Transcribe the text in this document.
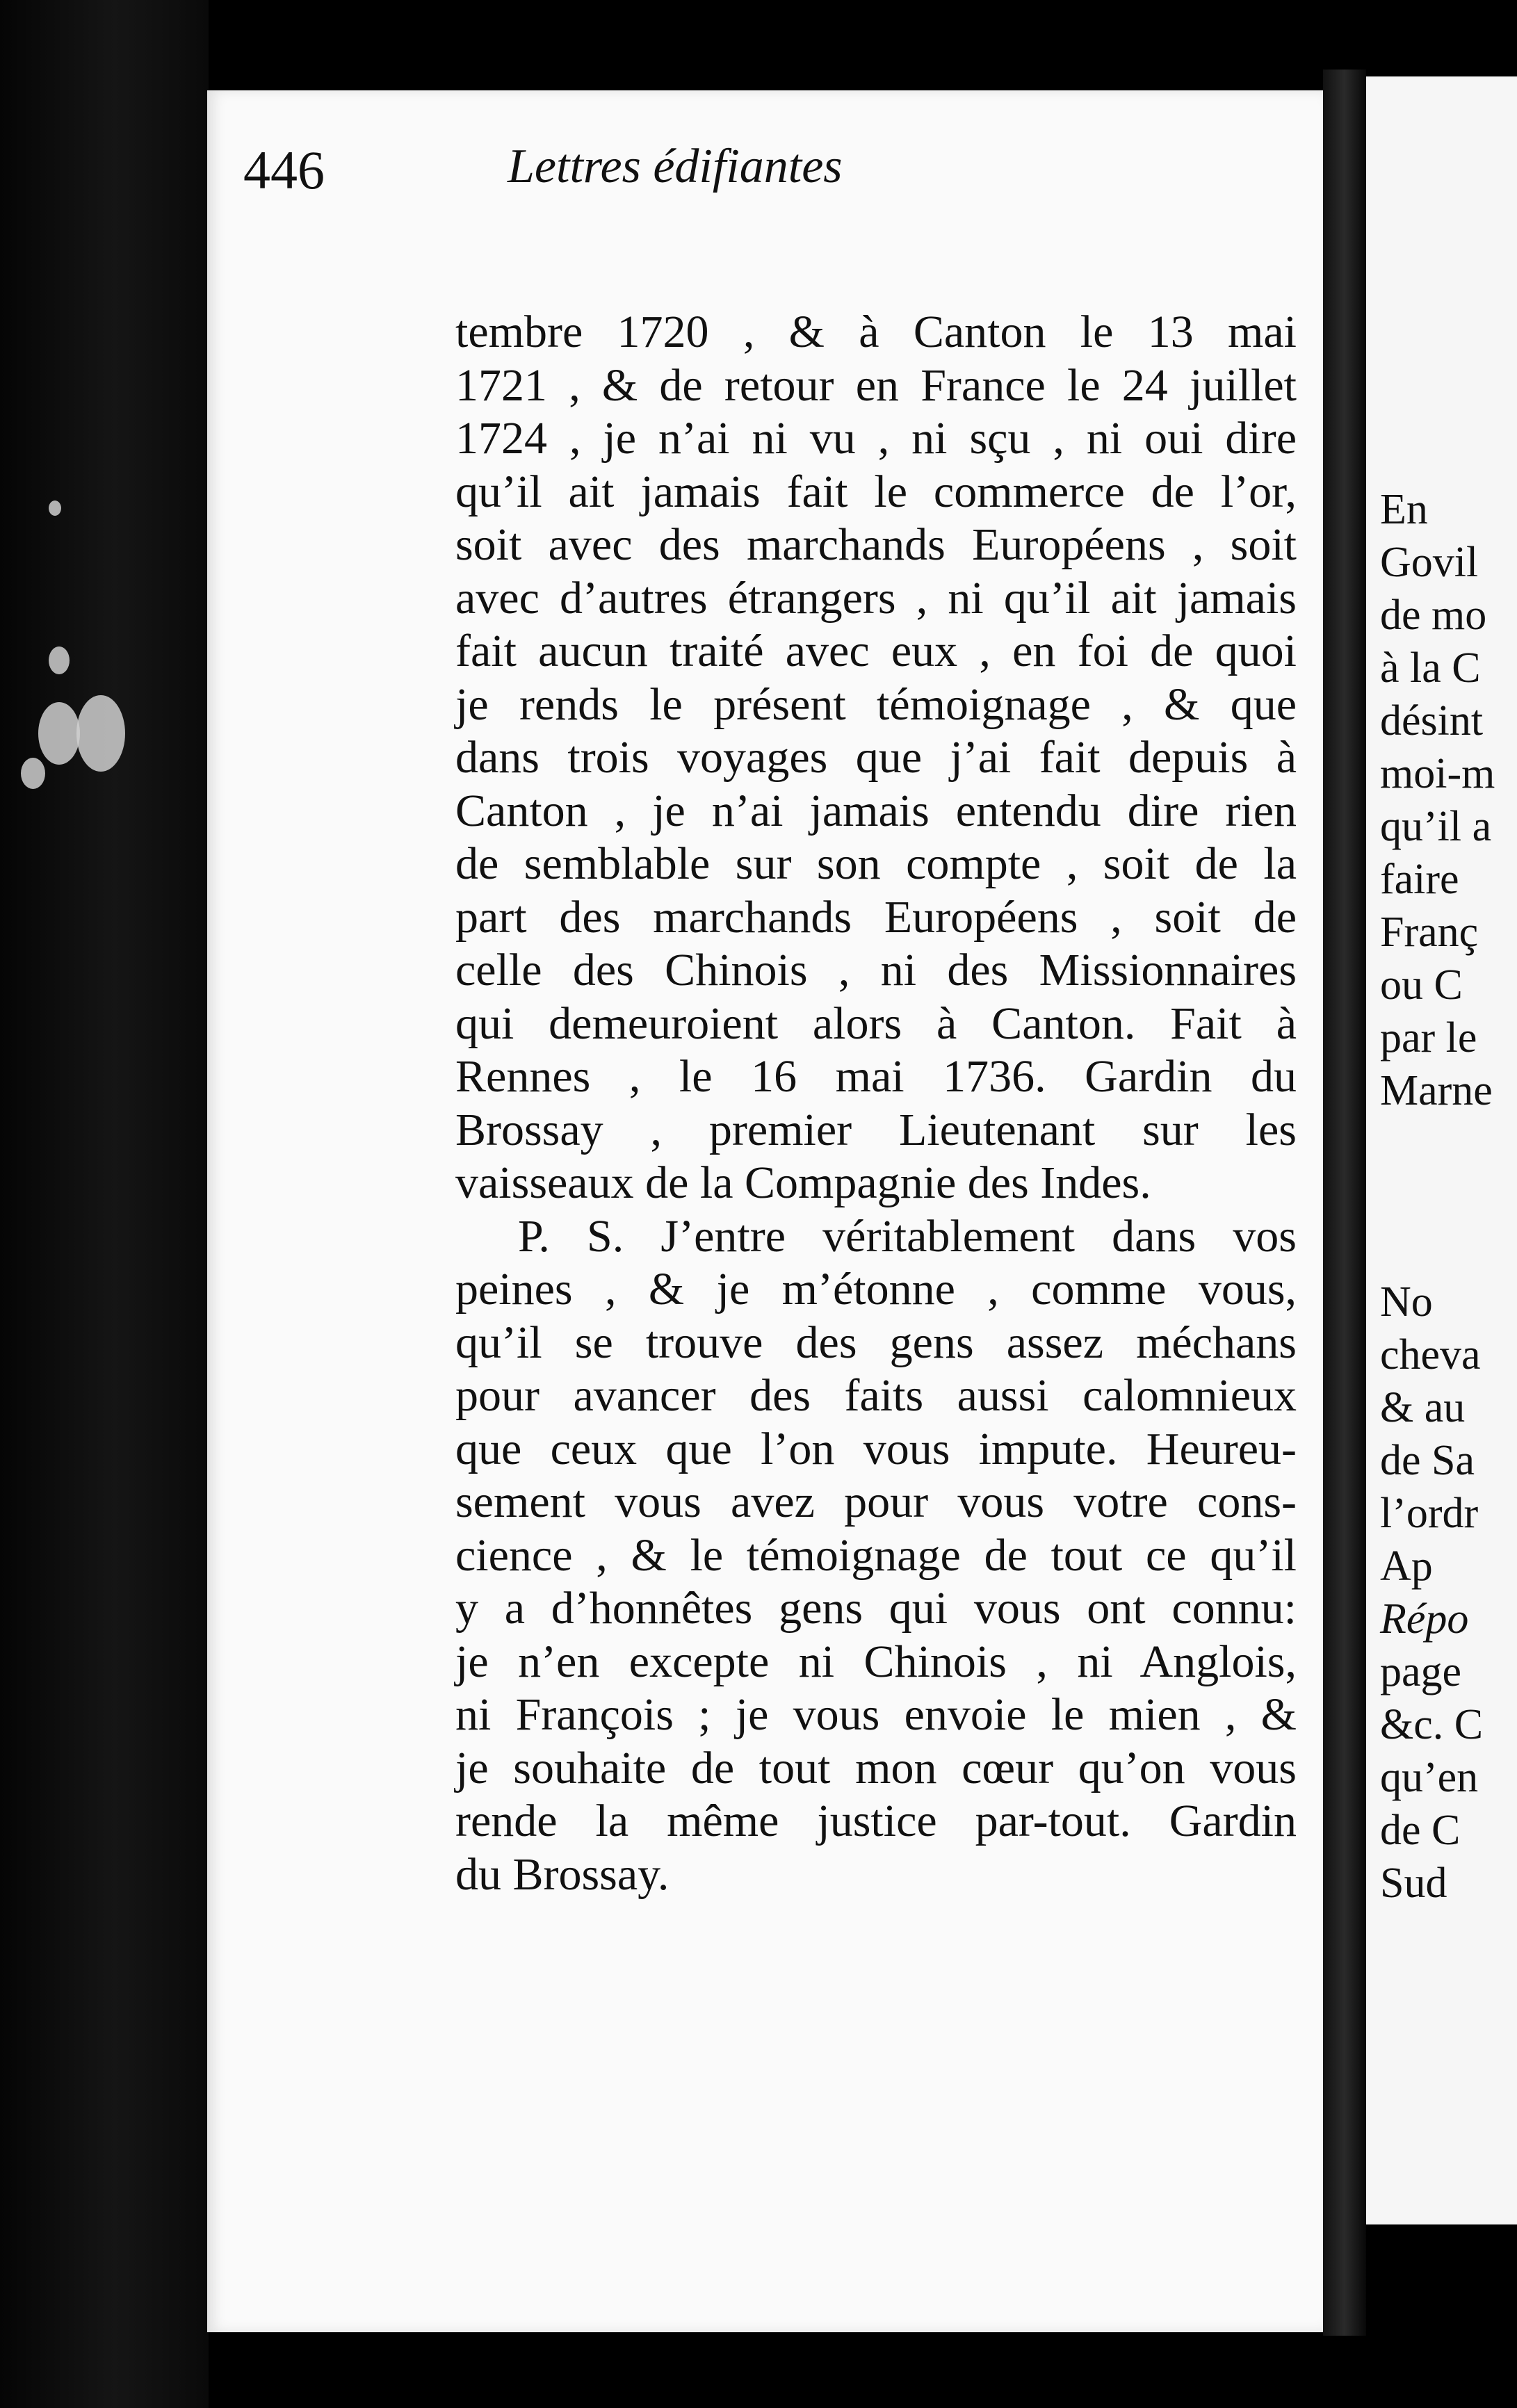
446	Lettres édifiantes
tembre 1720 , & à Canton le 13 mai
1721 , & de retour en France le 24 juillet
1724 , je n’ai ni vu , ni sçu , ni oui dire
qu’il ait jamais fait le commerce de l’or,
soit avec des marchands Européens , soit
avec d’autres étrangers , ni qu’il ait jamais
fait aucun traité avec eux , en foi de quoi
je rends le présent témoignage , & que
dans trois voyages que j’ai fait depuis à
Canton , je n’ai jamais entendu dire rien
de semblable sur son compte , soit de la
part des marchands Européens , soit de
celle des Chinois , ni des Missionnaires
qui demeuroient alors à Canton. Fait à
Rennes , le 16 mai 1736. Gardin du
Brossay , premier Lieutenant sur les
vaisseaux de la Compagnie des Indes.
P. S. J’entre véritablement dans vos
peines , & je m’étonne , comme vous,
qu’il se trouve des gens assez méchans
pour avancer des faits aussi calomnieux
que ceux que l’on vous impute. Heureu-
sement vous avez pour vous votre cons-
cience , & le témoignage de tout ce qu’il
y a d’honnêtes gens qui vous ont connu:
je n’en excepte ni Chinois , ni Anglois,
ni François ; je vous envoie le mien , &
je souhaite de tout mon cœur qu’on vous
rende la même justice par-tout. Gardin
du Brossay.
En
Govil
de mo
à la C
désint
moi-m
qu’il a
faire
Franç
ou C
par le
Marne
No
cheva
& au
de Sa
l’ordr
Ap
Répo
page
&c. C
qu’en
de C
Sud
